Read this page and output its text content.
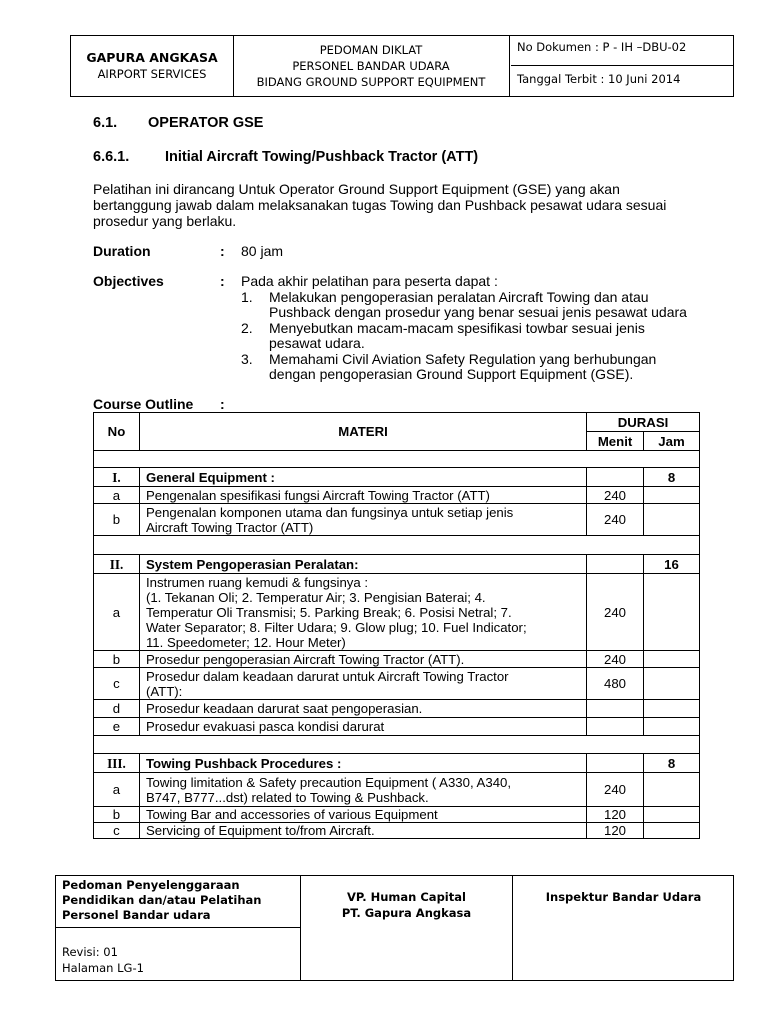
GAPURA ANGKASA
AIRPORT SERVICES
PEDOMAN DIKLAT
PERSONEL BANDAR UDARA
BIDANG GROUND SUPPORT EQUIPMENT
No Dokumen : P - IH –DBU-02
Tanggal Terbit : 10 Juni 2014
6.1. OPERATOR GSE
6.6.1. Initial Aircraft Towing/Pushback Tractor (ATT)
Pelatihan ini dirancang Untuk Operator Ground Support Equipment (GSE) yang akan
bertanggung jawab dalam melaksanakan tugas Towing dan Pushback pesawat udara sesuai
prosedur yang berlaku.
Duration	: 80 jam
Objectives	: Pada akhir pelatihan para peserta dapat :
1. Melakukan pengoperasian peralatan Aircraft Towing dan atau
Pushback dengan prosedur yang benar sesuai jenis pesawat udara
2. Menyebutkan macam-macam spesifikasi towbar sesuai jenis
pesawat udara.
3. Memahami Civil Aviation Safety Regulation yang berhubungan
dengan pengoperasian Ground Support Equipment (GSE).
Course Outline :
No	MATERI	DURASI	
		Menit	Jam

I.	General Equipment :		8
a	Pengenalan spesifikasi fungsi Aircraft Towing Tractor (ATT)	240	
b	Pengenalan komponen utama dan fungsinya untuk setiap jenis
Aircraft Towing Tractor (ATT)	240	

II.	System Pengoperasian Peralatan:		16
a	Instrumen ruang kemudi & fungsinya :
(1. Tekanan Oli; 2. Temperatur Air; 3. Pengisian Baterai; 4.
Temperatur Oli Transmisi; 5. Parking Break; 6. Posisi Netral; 7.
Water Separator; 8. Filter Udara; 9. Glow plug; 10. Fuel Indicator;
11. Speedometer; 12. Hour Meter)	240	
b	Prosedur pengoperasian Aircraft Towing Tractor (ATT).	240	
c	Prosedur dalam keadaan darurat untuk Aircraft Towing Tractor
(ATT):	480	
d	Prosedur keadaan darurat saat pengoperasian.		
e	Prosedur evakuasi pasca kondisi darurat		

III.	Towing Pushback Procedures :		8
a	Towing limitation & Safety precaution Equipment ( A330, A340,
B747, B777...dst) related to Towing & Pushback.	240	
b	Towing Bar and accessories of various Equipment	120	
c	Servicing of Equipment to/from Aircraft.	120	
Pedoman Penyelenggaraan
Pendidikan dan/atau Pelatihan
Personel Bandar udara
Revisi: 01
Halaman LG-1
VP. Human Capital
PT. Gapura Angkasa
Inspektur Bandar Udara
